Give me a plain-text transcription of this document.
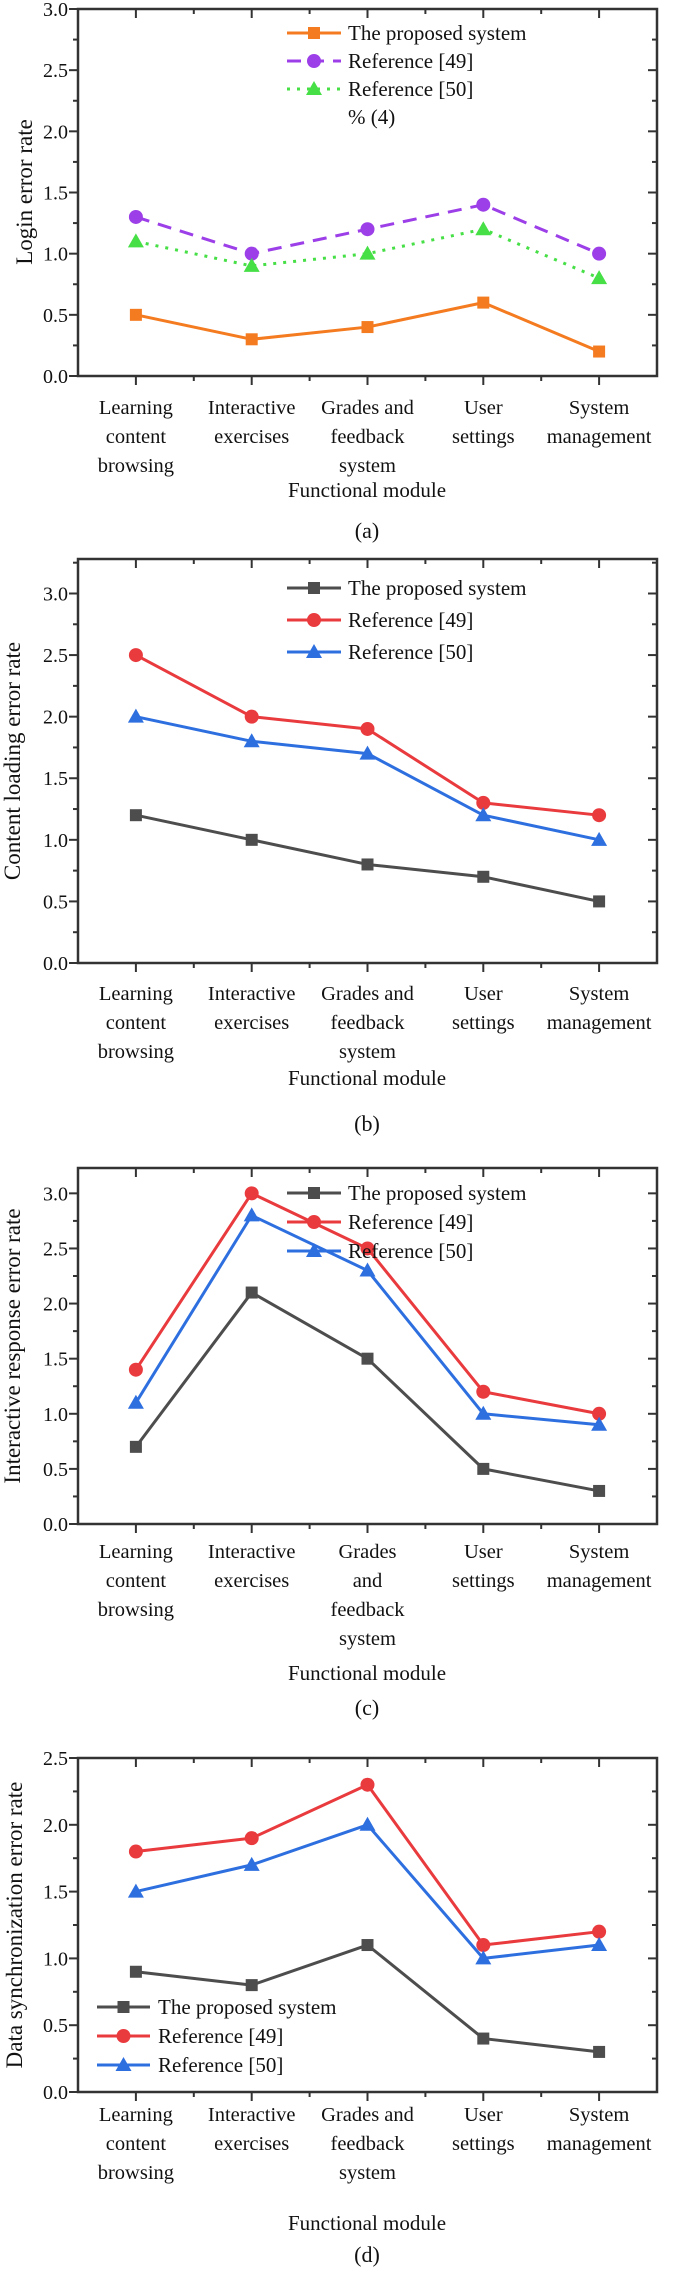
Login error rate
0.0
0.5
1.0
1.5
2.0
2.5
3.0
The proposed system
Reference [49]
Reference [50]
% (4)
Learning content browsing
Interactive exercises
Grades and feedback system
User settings
System management
Functional module
(a)
Content loading error rate
0.0
0.5
1.0
1.5
2.0
2.5
3.0	The proposed system
Reference [49]
Reference [50]
Learning content browsing
Interactive exercises
Grades and feedback system
User settings
System management
Functional module
(b)
Interactive response error rate
0.0
0.5
1.0
1.5
2.0
2.5
3.0	The proposed system
Reference [49]
Reference [50]
Learning content browsing
Interactive exercises
Grades and feedback system
User settings
System management
Functional module
(c)
Data synchronization error rate
0.0
0.5
1.0
1.5
2.0
2.5
The proposed system
Reference [49]
Reference [50]
Learning content browsing
Interactive exercises
Grades and feedback system
User settings
System management
Functional module
(d)
